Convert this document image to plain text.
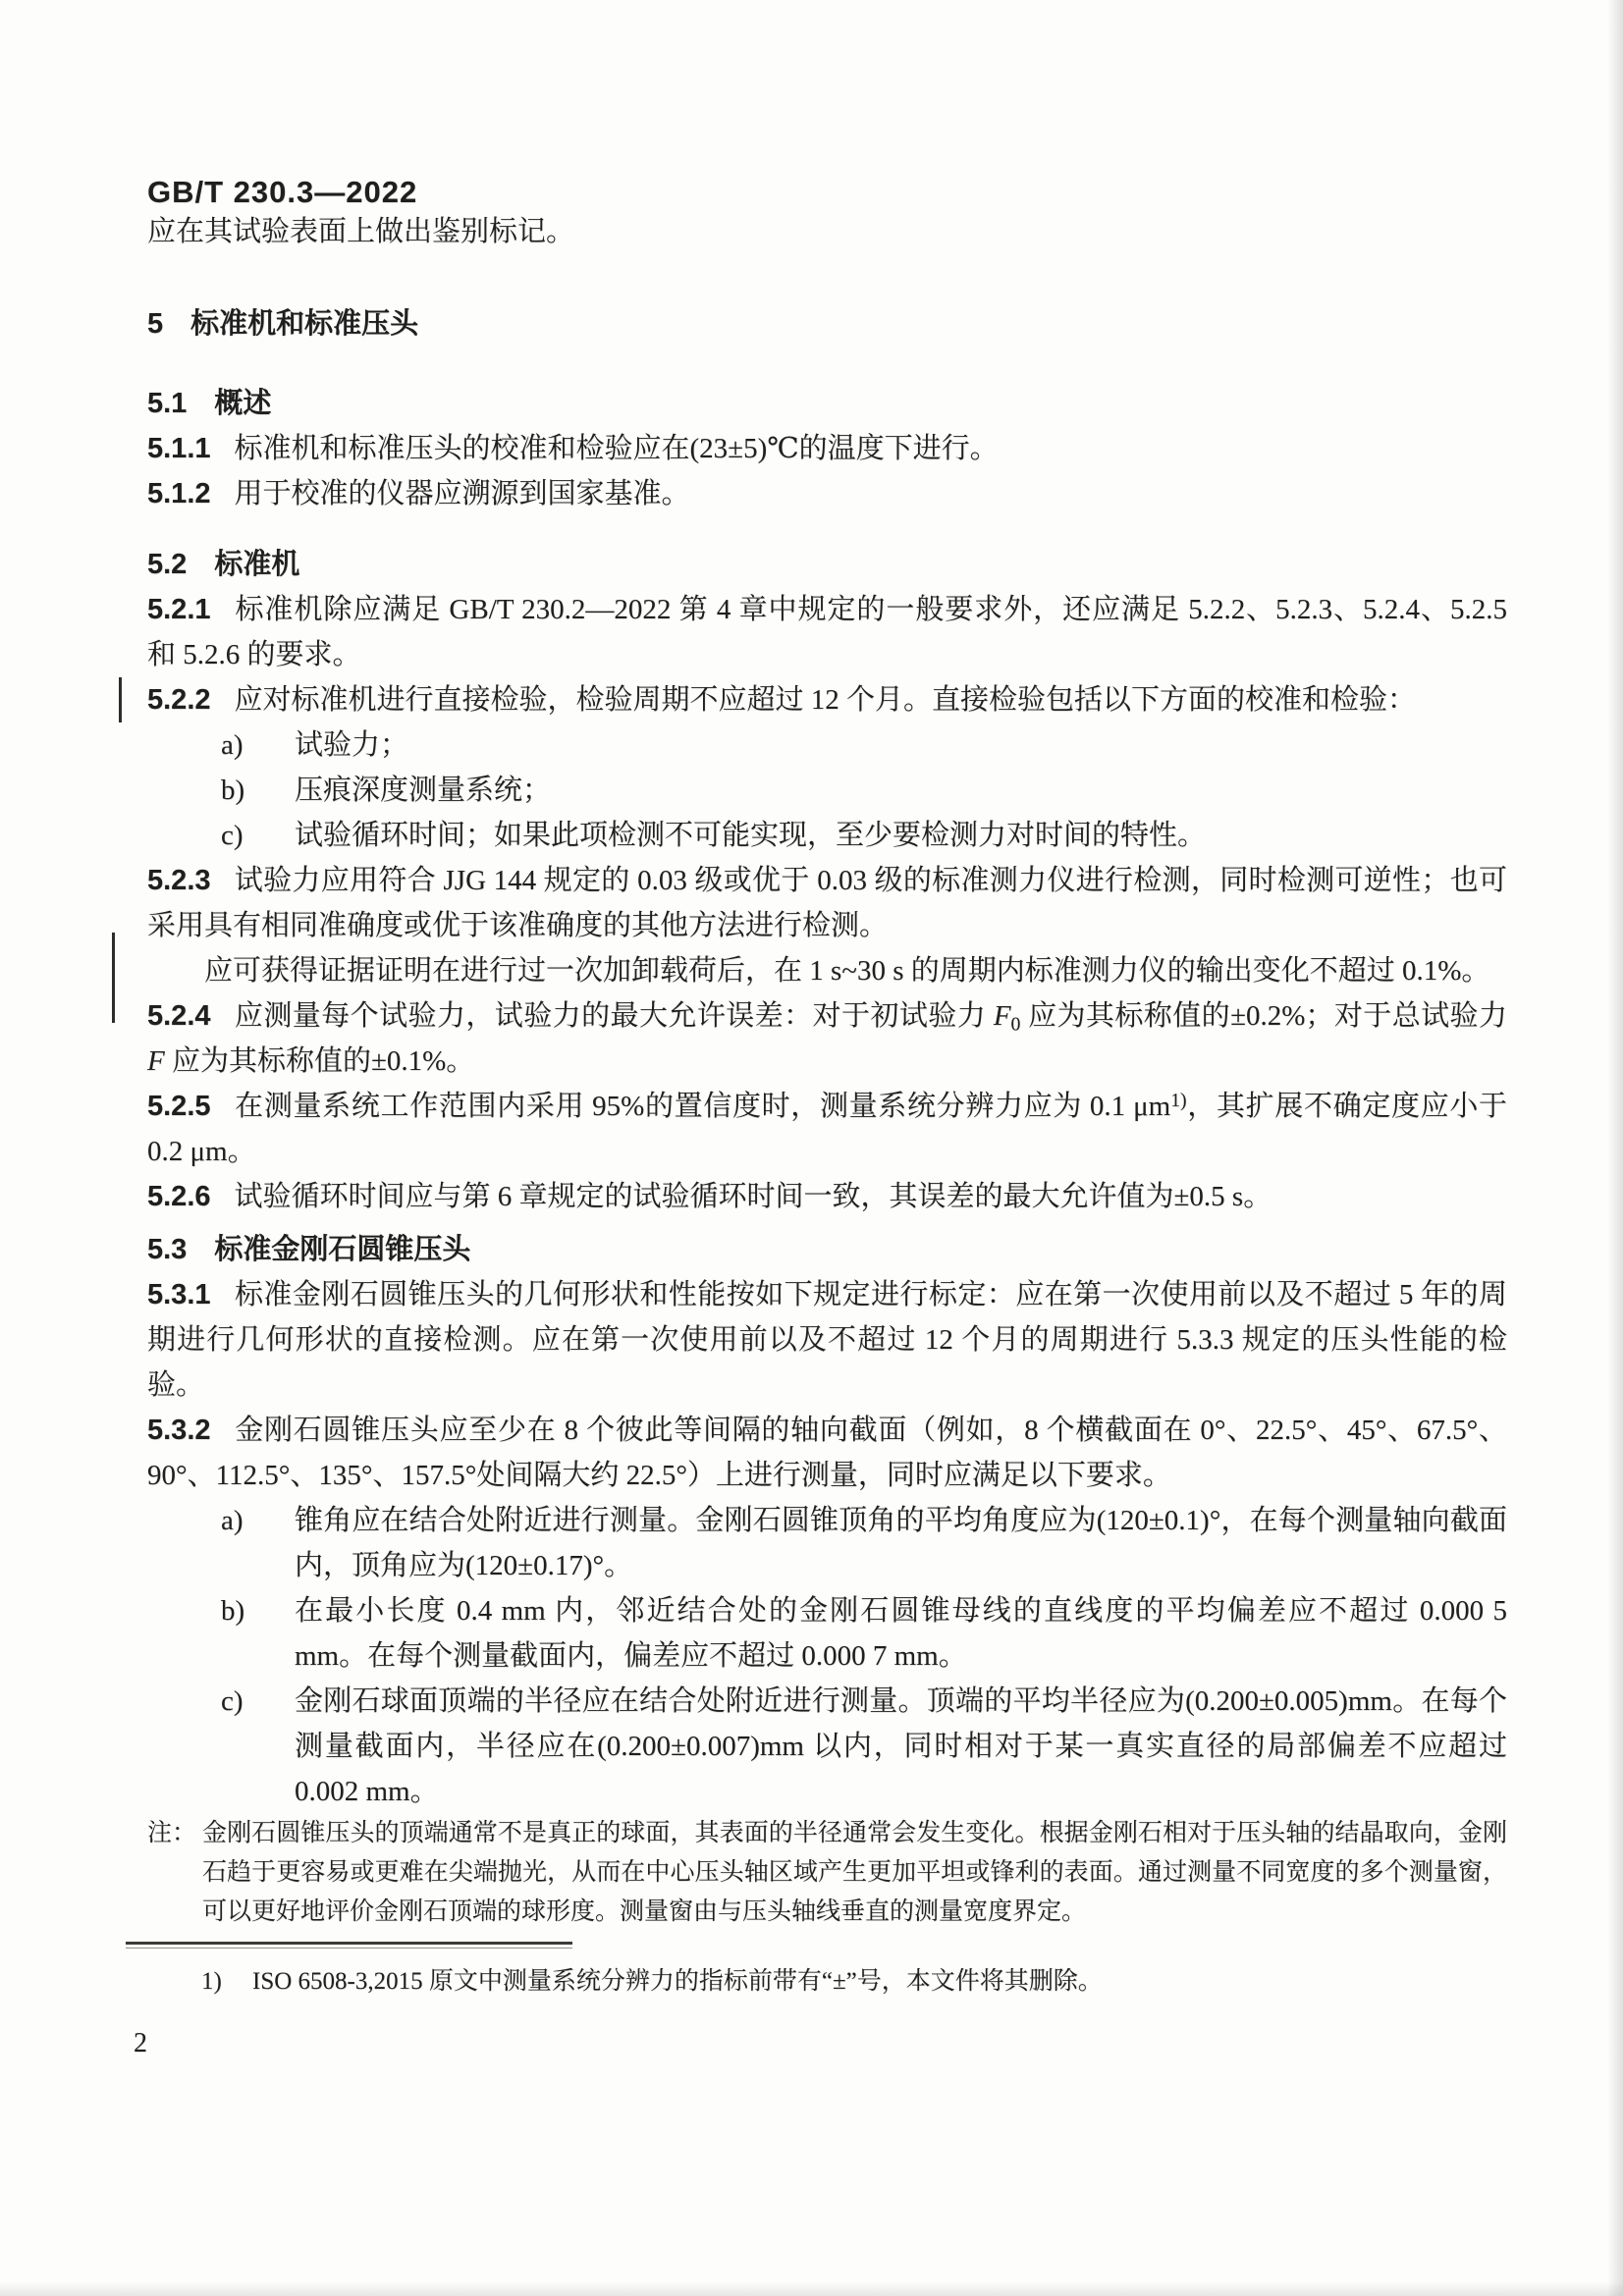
GB/T 230.3—2022

应在其试验表面上做出鉴别标记。

5 标准机和标准压头
5.1 概述

5.1.1 标准机和标准压头的校准和检验应在(23±5)℃的温度下进行。

5.1.2 用于校准的仪器应溯源到国家基准。

5.2 标准机

5.2.1 标准机除应满足 GB/T 230.2—2022 第 4 章中规定的一般要求外，还应满足 5.2.2、5.2.3、5.2.4、5.2.5 和 5.2.6 的要求。

5.2.2 应对标准机进行直接检验，检验周期不应超过 12 个月。直接检验包括以下方面的校准和检验：

a)	试验力；
b)	压痕深度测量系统；
c)	试验循环时间；如果此项检测不可能实现，至少要检测力对时间的特性。

5.2.3 试验力应用符合 JJG 144 规定的 0.03 级或优于 0.03 级的标准测力仪进行检测，同时检测可逆性；也可采用具有相同准确度或优于该准确度的其他方法进行检测。

应可获得证据证明在进行过一次加卸载荷后，在 1 s~30 s 的周期内标准测力仪的输出变化不超过 0.1%。

5.2.4 应测量每个试验力，试验力的最大允许误差：对于初试验力 $F_0$ 应为其标称值的±0.2%；对于总试验力 F 应为其标称值的±0.1%。

5.2.5 在测量系统工作范围内采用 95%的置信度时，测量系统分辨力应为 0.1 $\mu m^{1)}$，其扩展不确定度应小于 0.2 μm。

5.2.6 试验循环时间应与第 6 章规定的试验循环时间一致，其误差的最大允许值为±0.5 s。

5.3 标准金刚石圆锥压头

5.3.1 标准金刚石圆锥压头的几何形状和性能按如下规定进行标定：应在第一次使用前以及不超过 5 年的周期进行几何形状的直接检测。应在第一次使用前以及不超过 12 个月的周期进行 5.3.3 规定的压头性能的检验。

5.3.2 金刚石圆锥压头应至少在 8 个彼此等间隔的轴向截面（例如，8 个横截面在 0°、22.5°、45°、67.5°、90°、112.5°、135°、157.5°处间隔大约 22.5°）上进行测量，同时应满足以下要求。

a)	锥角应在结合处附近进行测量。金刚石圆锥顶角的平均角度应为(120±0.1)°，在每个测量轴向截面内，顶角应为(120±0.17)°。
b)	在最小长度 0.4 mm 内，邻近结合处的金刚石圆锥母线的直线度的平均偏差应不超过 0.000 5 mm。在每个测量截面内，偏差应不超过 0.000 7 mm。
c)	金刚石球面顶端的半径应在结合处附近进行测量。顶端的平均半径应为(0.200±0.005)mm。在每个测量截面内，半径应在(0.200±0.007)mm 以内，同时相对于某一真实直径的局部偏差不应超过 0.002 mm。
注： 金刚石圆锥压头的顶端通常不是真正的球面，其表面的半径通常会发生变化。根据金刚石相对于压头轴的结晶取向，金刚石趋于更容易或更难在尖端抛光，从而在中心压头轴区域产生更加平坦或锋利的表面。通过测量不同宽度的多个测量窗，可以更好地评价金刚石顶端的球形度。测量窗由与压头轴线垂直的测量宽度界定。
1)	ISO 6508-3,2015 原文中测量系统分辨力的指标前带有“±”号，本文件将其删除。
2
